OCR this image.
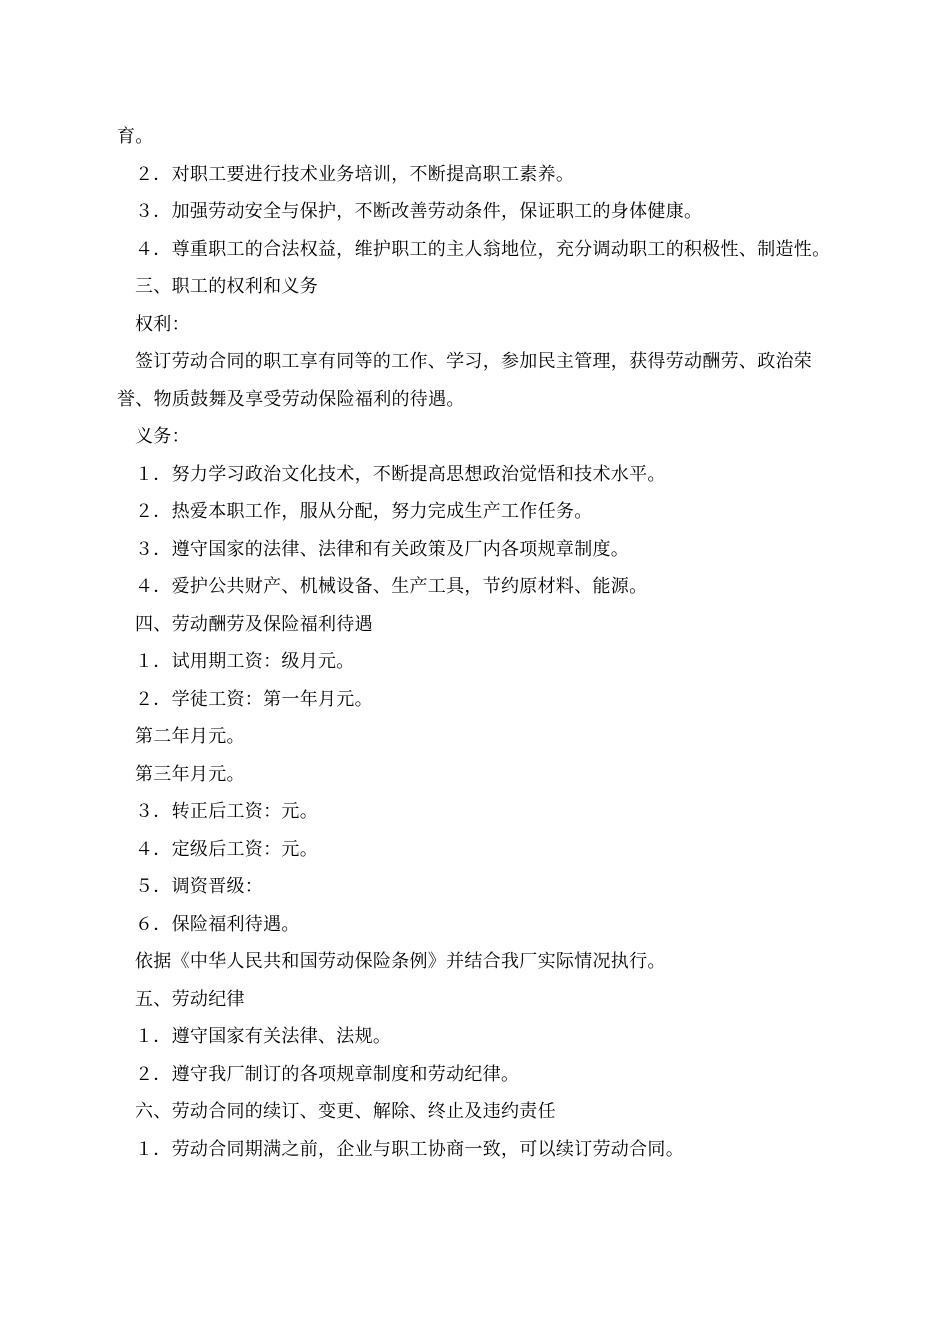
育。

２．对职工要进行技术业务培训，不断提高职工素养。

３．加强劳动安全与保护，不断改善劳动条件，保证职工的身体健康。

４．尊重职工的合法权益，维护职工的主人翁地位，充分调动职工的积极性、制造性。

三、职工的权利和义务

权利：

签订劳动合同的职工享有同等的工作、学习，参加民主管理，获得劳动酬劳、政治荣誉、物质鼓舞及享受劳动保险福利的待遇。

义务：

１．努力学习政治文化技术，不断提高思想政治觉悟和技术水平。

２．热爱本职工作，服从分配，努力完成生产工作任务。

３．遵守国家的法律、法律和有关政策及厂内各项规章制度。

４．爱护公共财产、机械设备、生产工具，节约原材料、能源。

四、劳动酬劳及保险福利待遇

１．试用期工资：级月元。

２．学徒工资：第一年月元。

第二年月元。

第三年月元。

３．转正后工资：元。

４．定级后工资：元。

５．调资晋级：

６．保险福利待遇。

依据《中华人民共和国劳动保险条例》并结合我厂实际情况执行。

五、劳动纪律

１．遵守国家有关法律、法规。

２．遵守我厂制订的各项规章制度和劳动纪律。

六、劳动合同的续订、变更、解除、终止及违约责任

１．劳动合同期满之前，企业与职工协商一致，可以续订劳动合同。
